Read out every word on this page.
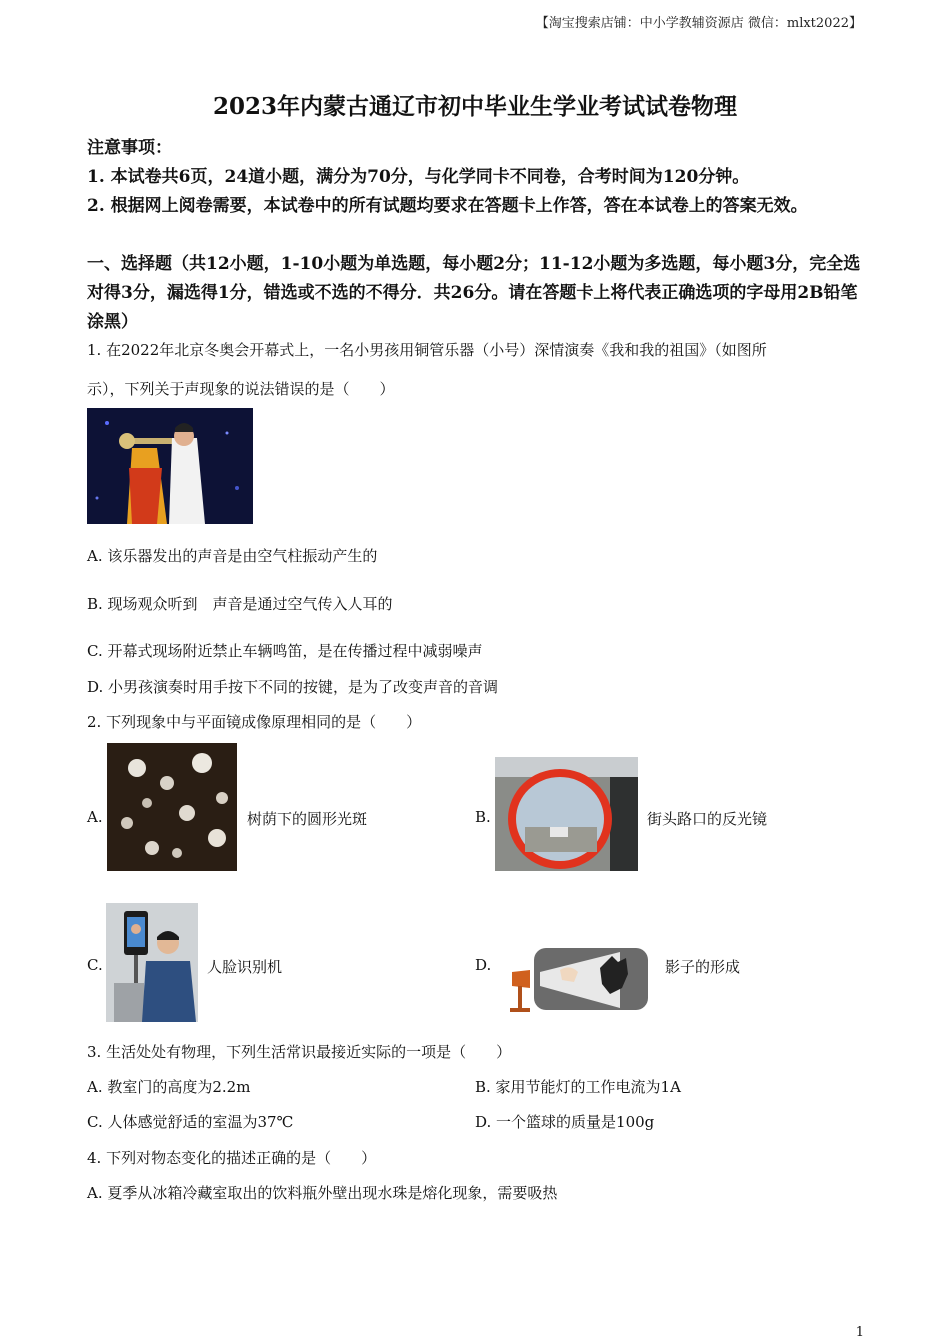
【淘宝搜索店铺：中小学教辅资源店 微信：mlxt2022】
2023年内蒙古通辽市初中毕业生学业考试试卷物理
注意事项：
1. 本试卷共6页，24道小题，满分为70分，与化学同卡不同卷，合考时间为120分钟。
2. 根据网上阅卷需要，本试卷中的所有试题均要求在答题卡上作答，答在本试卷上的答案无效。
一、选择题（共12小题，1-10小题为单选题，每小题2分；11-12小题为多选题，每小题3分，完全选对得3分，漏选得1分，错选或不选的不得分．共26分。请在答题卡上将代表正确选项的字母用2B铅笔涂黑）
1. 在2022年北京冬奥会开幕式上，一名小男孩用铜管乐器（小号）深情演奏《我和我的祖国》（如图所
示），下列关于声现象的说法错误的是（　　）
A. 该乐器发出的声音是由空气柱振动产生的
B. 现场观众听到　声音是通过空气传入人耳的
C. 开幕式现场附近禁止车辆鸣笛，是在传播过程中减弱噪声
D. 小男孩演奏时用手按下不同的按键，是为了改变声音的音调
2. 下列现象中与平面镜成像原理相同的是（　　）
A.	树荫下的圆形光斑	B.	街头路口的反光镜
C.	人脸识别机	D.	影子的形成
3. 生活处处有物理，下列生活常识最接近实际的一项是（　　）
A. 教室门的高度为2.2m	B. 家用节能灯的工作电流为1A
C. 人体感觉舒适的室温为37℃	D. 一个篮球的质量是100g
4. 下列对物态变化的描述正确的是（　　）
A. 夏季从冰箱冷藏室取出的饮料瓶外壁出现水珠是熔化现象，需要吸热
1
